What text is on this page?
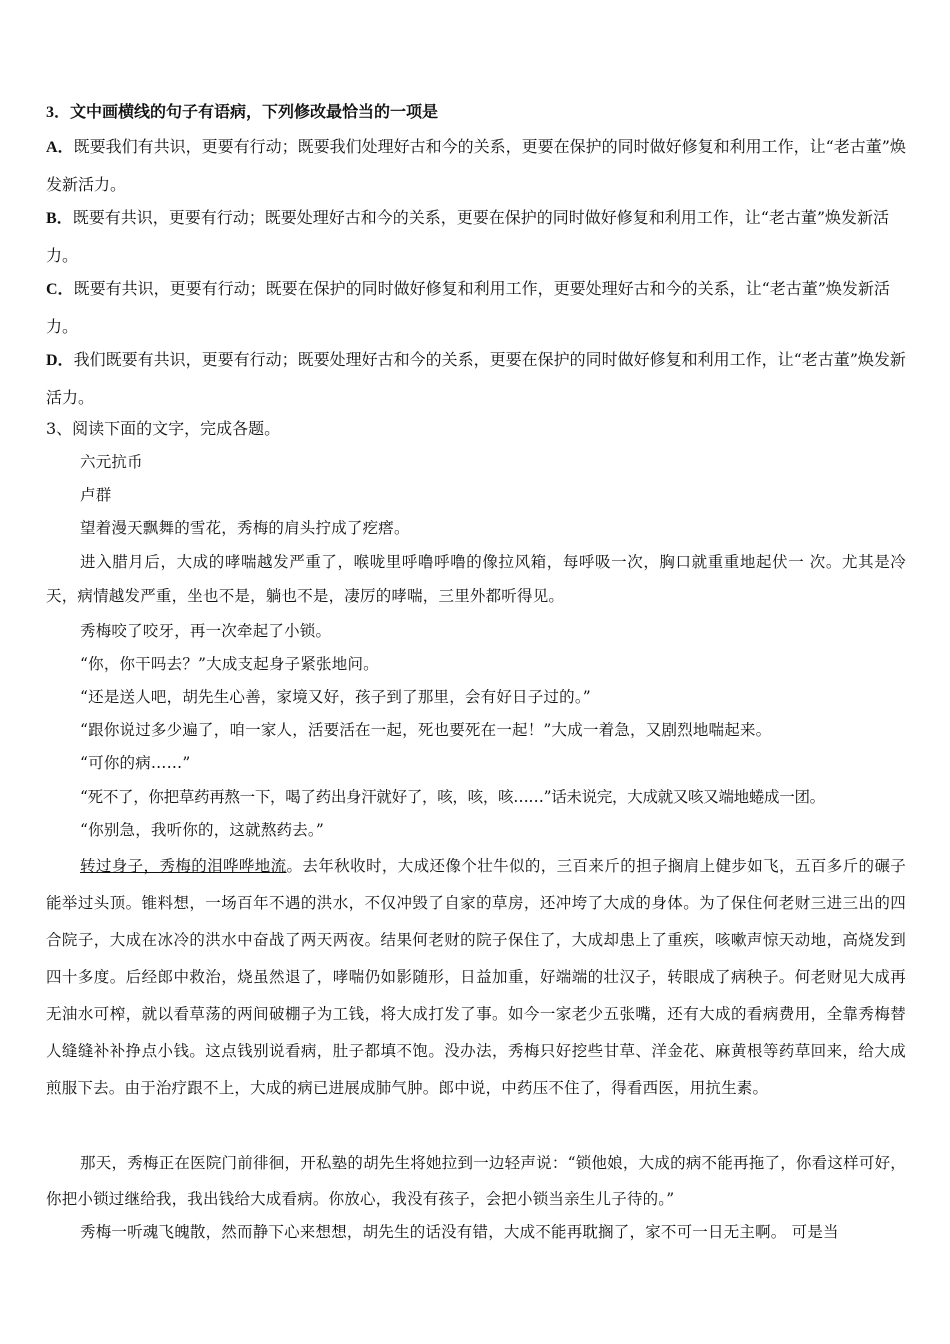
3．文中画横线的句子有语病，下列修改最恰当的一项是
A．既要我们有共识，更要有行动；既要我们处理好古和今的关系，更要在保护的同时做好修复和利用工作，让“老古董”焕发新活力。
B．既要有共识，更要有行动；既要处理好古和今的关系，更要在保护的同时做好修复和利用工作，让“老古董”焕发新活力。
C．既要有共识，更要有行动；既要在保护的同时做好修复和利用工作，更要处理好古和今的关系，让“老古董”焕发新活力。
D．我们既要有共识，更要有行动；既要处理好古和今的关系，更要在保护的同时做好修复和利用工作，让“老古董”焕发新活力。
3、阅读下面的文字，完成各题。
六元抗币
卢群
望着漫天飘舞的雪花，秀梅的肩头拧成了疙瘩。
进入腊月后，大成的哮喘越发严重了，喉咙里呼噜呼噜的像拉风箱，每呼吸一次，胸口就重重地起伏一 次。尤其是冷天，病情越发严重，坐也不是，躺也不是，凄厉的哮喘，三里外都听得见。
秀梅咬了咬牙，再一次牵起了小锁。
“你，你干吗去？”大成支起身子紧张地问。
“还是送人吧，胡先生心善，家境又好，孩子到了那里，会有好日子过的。”
“跟你说过多少遍了，咱一家人，活要活在一起，死也要死在一起！”大成一着急，又剧烈地喘起来。
“可你的病……”
“死不了，你把草药再熬一下，喝了药出身汗就好了，咳，咳，咳……”话未说完，大成就又咳又端地蜷成一团。
“你别急，我听你的，这就熬药去。”
转过身子，秀梅的泪哗哗地流。去年秋收时，大成还像个壮牛似的，三百来斤的担子搁肩上健步如飞，五百多斤的碾子能举过头顶。锥料想，一场百年不遇的洪水，不仅冲毁了自家的草房，还冲垮了大成的身体。为了保住何老财三进三出的四合院子，大成在冰冷的洪水中奋战了两天两夜。结果何老财的院子保住了，大成却患上了重疾，咳嗽声惊天动地，高烧发到四十多度。后经郎中救治，烧虽然退了，哮喘仍如影随形，日益加重，好端端的壮汉子，转眼成了病秧子。何老财见大成再无油水可榨，就以看草荡的两间破棚子为工钱，将大成打发了事。如今一家老少五张嘴，还有大成的看病费用，全靠秀梅替人缝缝补补挣点小钱。这点钱别说看病，肚子都填不饱。没办法，秀梅只好挖些甘草、洋金花、麻黄根等药草回来，给大成煎服下去。由于治疗跟不上，大成的病已进展成肺气肿。郎中说，中药压不住了，得看西医，用抗生素。
那天，秀梅正在医院门前徘徊，开私塾的胡先生将她拉到一边轻声说：“锁他娘，大成的病不能再拖了，你看这样可好，你把小锁过继给我，我出钱给大成看病。你放心，我没有孩子，会把小锁当亲生儿子待的。”
秀梅一听魂飞魄散，然而静下心来想想，胡先生的话没有错，大成不能再耽搁了，家不可一日无主啊。 可是当
